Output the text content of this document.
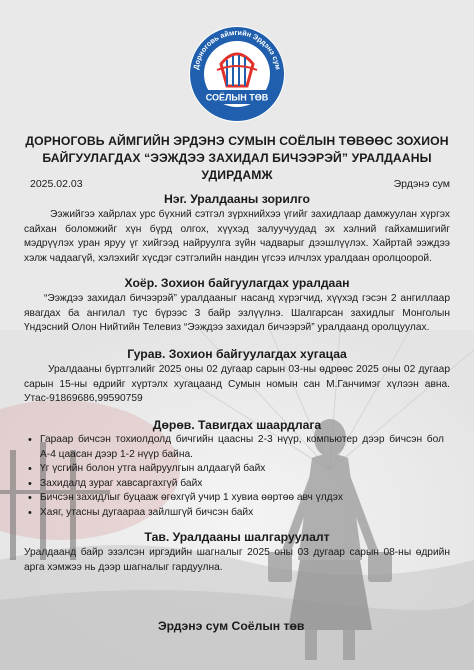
Дорноговь аймгийн Эрдэнэ сум
СОЁЛЫН ТӨВ
ДОРНОГОВЬ АЙМГИЙН ЭРДЭНЭ СУМЫН СОЁЛЫН ТӨВӨӨС ЗОХИОН
БАЙГУУЛАГДАХ “ЭЭЖДЭЭ ЗАХИДАЛ БИЧЭЭРЭЙ” УРАЛДААНЫ УДИРДАМЖ
2025.02.03	Эрдэнэ сум
Нэг. Уралдааны зорилго

Ээжийгээ хайрлах урс бүхний сэтгэл зүрхнийхээ үгийг захидлаар дамжуулан хүргэх сайхан боломжийг хүн бүрд олгох, хүүхэд залуучуудад эх хэлний гайхамшигийг мэдрүүлэх уран яруу үг хийгээд найруулга зүйн чадварыг дээшлүүлэх. Хайртай ээждээ хэлж чадаагүй, хэлэхийг хүсдэг сэтгэлийн нандин үгсээ илчлэх уралдаан оролцоорой.

Хоёр. Зохион байгуулагдах уралдаан

“Ээждээ захидал бичээрэй” уралдааныг насанд хүрэгчид, хүүхэд гэсэн 2 ангиллаар явагдах ба ангилал тус бүрээс 3 байр эзлүүлнэ. Шалгарсан захидлыг Монголын Үндэсний Олон Нийтийн Телевиз “Ээждээ захидал бичээрэй” уралдаанд оролцуулах.

Гурав. Зохион байгуулагдах хугацаа

Уралдааны бүртгэлийг 2025 оны 02 дугаар сарын 03-ны өдрөөс 2025 оны 02 дугаар сарын 15-ны өдрийг хүртэлх хугацаанд Сумын номын сан М.Ганчимэг хүлээн авна. Утас-91869686,99590759

Дөрөв. Тавигдах шаардлага
• Гараар бичсэн тохиолдолд бичгийн цаасны 2-3 нүүр, компьютер дээр бичсэн бол А-4 цаасан дээр 1-2 нүүр байна.
• Үг үсгийн болон утга найруулгын алдаагүй байх
• Захидалд зураг хавсаргахгүй байх
• Бичсэн захидлыг буцааж өгөхгүй учир 1 хувиа өөртөө авч үлдэх
• Хаяг, утасны дугаараа зайлшгүй бичсэн байх
Тав. Уралдааны шалгаруулалт

Уралдаанд байр эзэлсэн иргэдийн шагналыг 2025 оны 03 дугаар сарын 08-ны өдрийн арга хэмжээ нь дээр шагналыг гардуулна.

Эрдэнэ сум Соёлын төв
